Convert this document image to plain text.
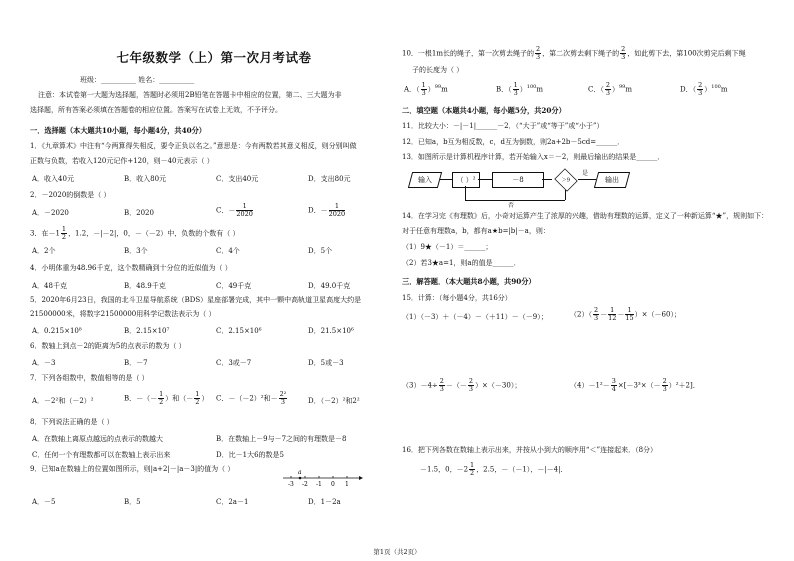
七年级数学（上）第一次月考试卷
班级：__________ 姓名：__________
注意：本试卷第一大题为选择题，答题时必须用2B铅笔在答题卡中相应的位置，第二、三大题为非
选择题，所有答案必须填在答题卷的相应位置。答案写在试卷上无效，不予评分。
一．选择题（本大题共10小题，每小题4分，共40分）
1．《九章算术》中注有“今两算得失相反，要令正负以名之。”意思是：今有两数若其意义相反，则分别叫做
正数与负数，若收入120元记作+120，则－40元表示（ ）
A．收入40元	B．收入80元	C．支出40元	D．支出80元
2．－2020的倒数是（ ）
A．－2020	B．2020	C．－ $\frac{1}{2020}$	D．－ $\frac{1}{2020}$
3．在$-1 \frac{1}{2}$ ，1.2，－|－2|，0，－（－2）中，负数的个数有（ ）
A．2个	B．3个	C．4个	D．5个
4．小明体重为48.96千克，这个数精确到十分位的近似值为（ ）
A．48千克	B．48.9千克	C．49千克	D．49.0千克
5．2020年6月23日，我国的北斗卫星导航系统（BDS）星座部署完成，其中一颗中高轨道卫星高度大约是
21500000米，将数字21500000用科学记数法表示为（ ）
A．0.215×10⁸	B．2.15×10⁷	C．2.15×10⁶	D．21.5×10⁶
6．数轴上到点－2的距离为5的点表示的数为（ ）
A．－3	B．－7	C．3或－7	D．5或－3
7．下列各组数中，数值相等的是（ ）
A．－2²和（－2）²	B．－（－ $\frac{1}{2}$ ）和（－ $\frac{1}{2}$ ） C．－（－2）²和－ $\frac{\text{2²}}{3}$	D．（－2）²和2²
8．下列说法正确的是（ ）
A．在数轴上离原点越远的点表示的数越大	B．在数轴上－9与－7之间的有理数是－8
C．任何一个有理数都可以在数轴上表示出来	D．比－1大6的数是5
9．已知a在数轴上的位置如图所示，则|a+2|－|a－3|的值为（ ）
A．－5	B．5	C．2a－1	D．1－2a
a
-3 -2 -1 0 1
10．一根1m长的绳子，第一次剪去绳子的 $\frac{2}{3}$ ，第二次剪去剩下绳子的 $\frac{2}{3}$ ，如此剪下去，第100次剪完后剩下绳
子的长度为（ ）
A．（ $\frac{1}{3} )^{99}m$	B．（ $\frac{1}{3} )^{100}m$	C．（ $\frac{2}{3} )^{99}m$	D．（ $\frac{2}{3} )^{100}m$
二．填空题（本题共4小题，每小题5分，共20分）
11．比较大小：－|－1|______－2．（“大于”或“等于”或“小于”）
12．已知a，b互为相反数，c，d互为倒数，则2a+2b－5cd=______．
13．如图所示是计算机程序计算，若开始输入x＝－2，则最后输出的结果是______．
14．在学习完《有理数》后，小奇对运算产生了浓厚的兴趣，借助有理数的运算，定义了一种新运算“★”，规则如下：
对于任意有理数a，b，都有a★b=|b|－a，则：
（1）9★（－1）＝______；
（2）若3★a=1，则a的值是______．
三．解答题．（本大题共8小题，共90分）
15．计算：（每小题4分，共16分）
（1）（－3）＋（－4）－（＋11）－（－9）；	$(2)( \frac{2}{3} - \frac{1}{12} - \frac{1}{15} )\times(-60)$；
$(3)-4\div \frac{2}{3}$ －（－ $\frac{2}{3} )\times(-30)$；	$(4)-1^2- \frac{3}{4} \times[-3^3\times(- \frac{2}{3} )^2+2]$．
16．把下列各数在数轴上表示出来，并按从小到大的顺序用“＜”连接起来．（8分）
－1.5，0，$-2 \frac{1}{2}$ ，2.5，－（－1），－|－4|．
输入	（ ）²	－8	＞9
是
输出
否
第1页（共2页）
